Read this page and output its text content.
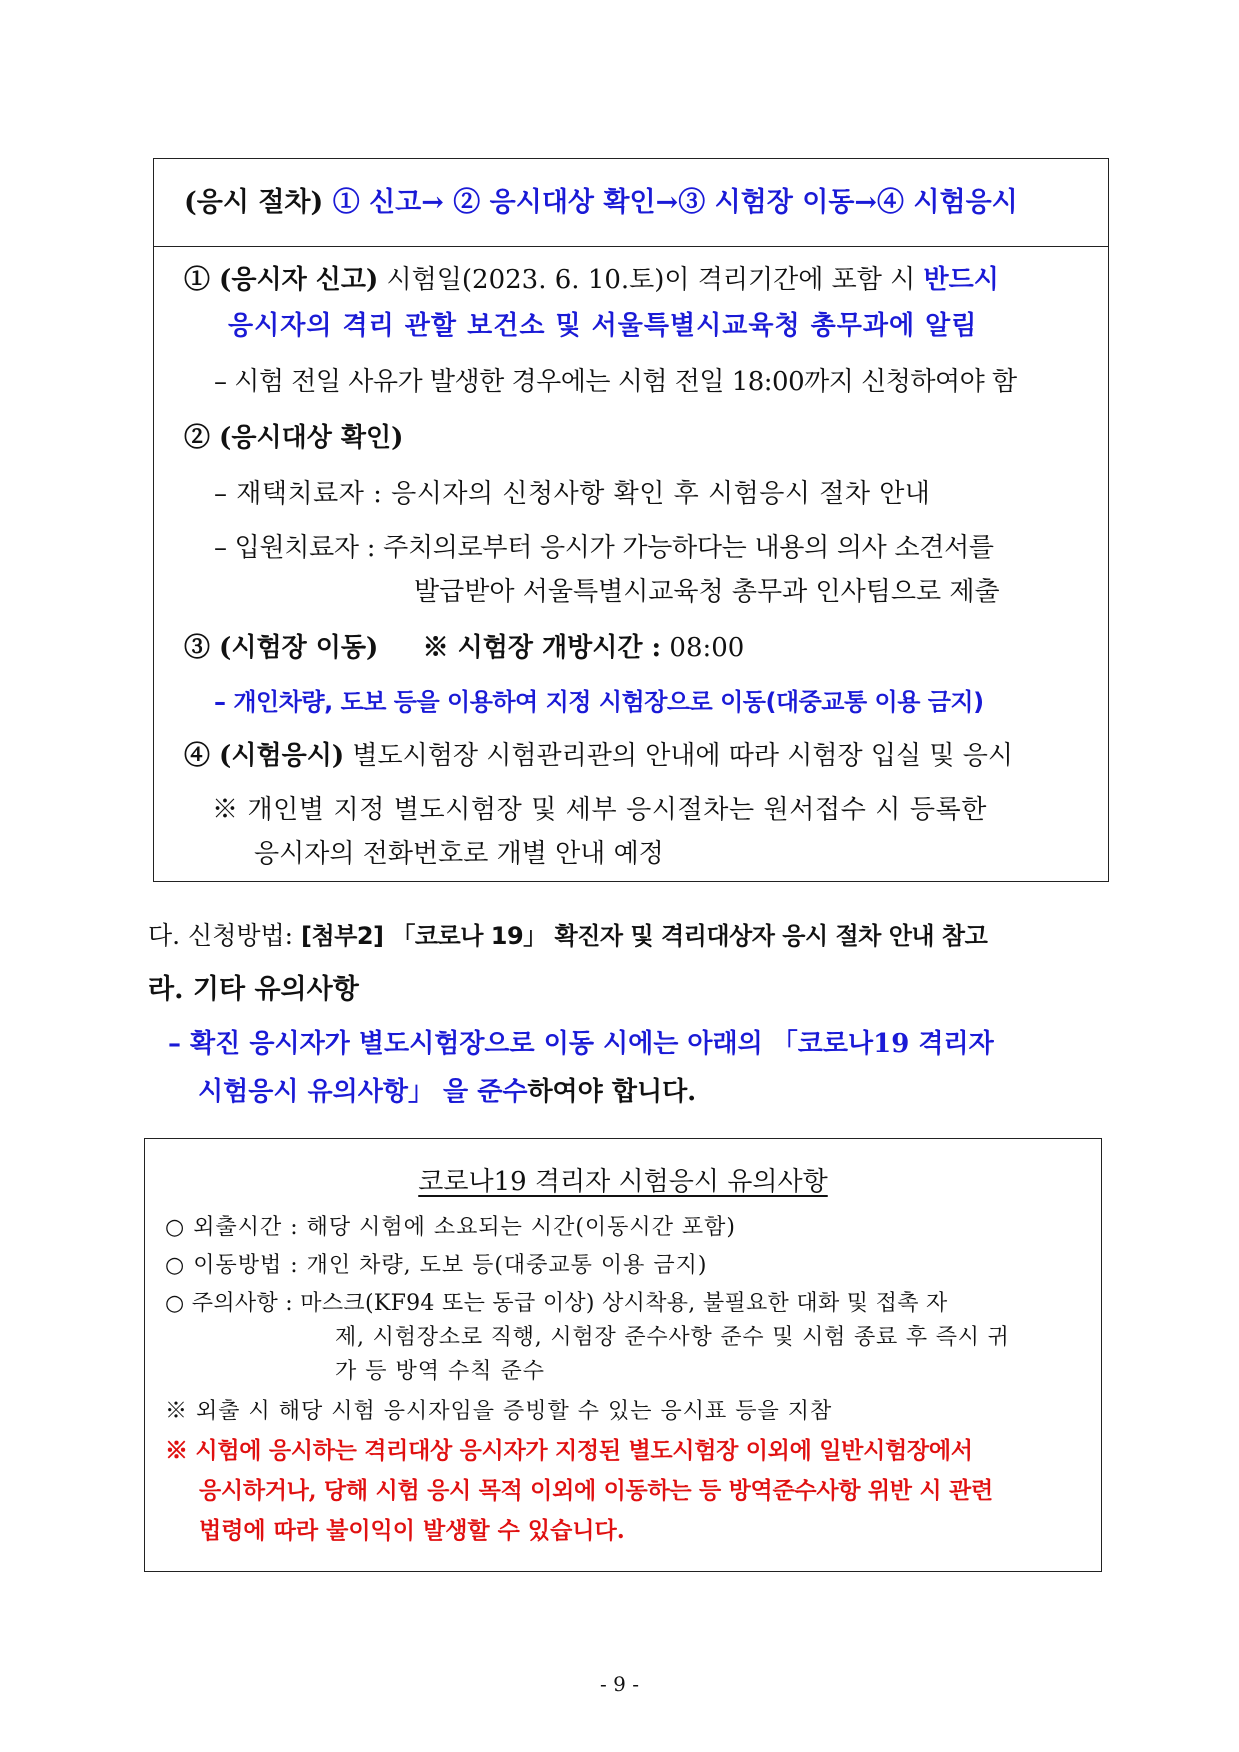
(응시 절차) ① 신고→ ② 응시대상 확인→③ 시험장 이동→④ 시험응시
① (응시자 신고) 시험일(2023. 6. 10.토)이 격리기간에 포함 시 반드시
응시자의 격리 관할 보건소 및 서울특별시교육청 총무과에 알림
– 시험 전일 사유가 발생한 경우에는 시험 전일 18:00까지 신청하여야 함
② (응시대상 확인)
– 재택치료자 : 응시자의 신청사항 확인 후 시험응시 절차 안내
– 입원치료자 : 주치의로부터 응시가 가능하다는 내용의 의사 소견서를
발급받아 서울특별시교육청 총무과 인사팀으로 제출
③ (시험장 이동) ※ 시험장 개방시간 : 08:00
– 개인차량, 도보 등을 이용하여 지정 시험장으로 이동(대중교통 이용 금지)
④ (시험응시) 별도시험장 시험관리관의 안내에 따라 시험장 입실 및 응시
※ 개인별 지정 별도시험장 및 세부 응시절차는 원서접수 시 등록한
응시자의 전화번호로 개별 안내 예정
다. 신청방법: [첨부2] 「코로나 19」 확진자 및 격리대상자 응시 절차 안내 참고
라. 기타 유의사항
– 확진 응시자가 별도시험장으로 이동 시에는 아래의 「코로나19 격리자
시험응시 유의사항」 을 준수하여야 합니다.
코로나19 격리자 시험응시 유의사항
○ 외출시간 : 해당 시험에 소요되는 시간(이동시간 포함)
○ 이동방법 : 개인 차량, 도보 등(대중교통 이용 금지)
○ 주의사항 : 마스크(KF94 또는 동급 이상) 상시착용, 불필요한 대화 및 접촉 자
제, 시험장소로 직행, 시험장 준수사항 준수 및 시험 종료 후 즉시 귀
가 등 방역 수칙 준수
※ 외출 시 해당 시험 응시자임을 증빙할 수 있는 응시표 등을 지참
※ 시험에 응시하는 격리대상 응시자가 지정된 별도시험장 이외에 일반시험장에서
응시하거나, 당해 시험 응시 목적 이외에 이동하는 등 방역준수사항 위반 시 관련
법령에 따라 불이익이 발생할 수 있습니다.
- 9 -
